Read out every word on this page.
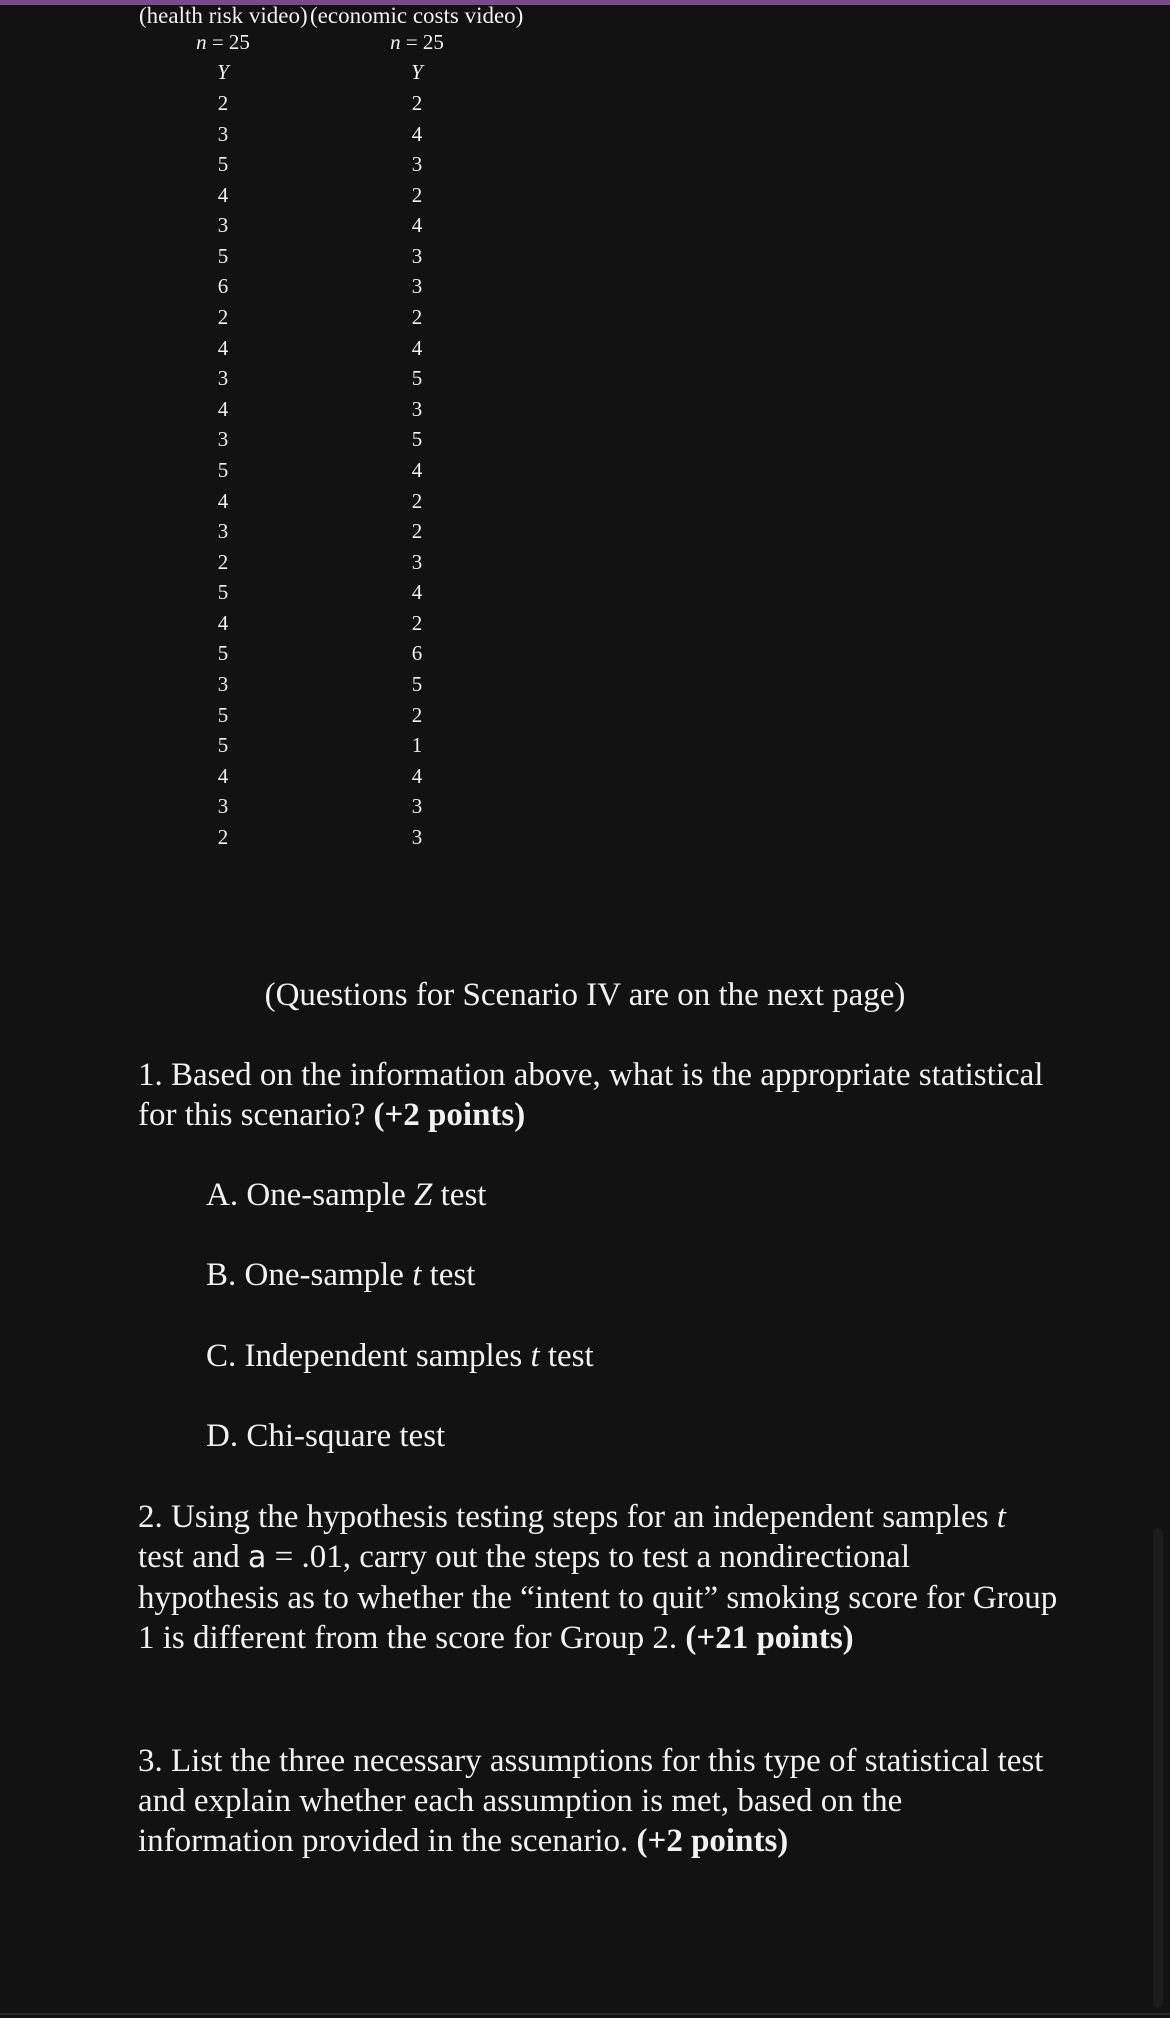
(health risk video) (economic costs video)
n = 25	n = 25
Y	Y
2
3
5
4
3
5
6
2
4
3
4
3
5
4
3
2
5
4
5
3
5
5
4
3
2
2
4
3
2
4
3
3
2
4
5
3
5
4
2
2
3
4
2
6
5
2
1
4
3
3
(Questions for Scenario IV are on the next page)
1. Based on the information above, what is the appropriate statistical for this scenario? (+2 points)
A. One-sample Z test
B. One-sample t test
C. Independent samples t test
D. Chi-square test
2. Using the hypothesis testing steps for an independent samples t test and a = .01, carry out the steps to test a nondirectional hypothesis as to whether the “intent to quit” smoking score for Group 1 is different from the score for Group 2. (+21 points)
3. List the three necessary assumptions for this type of statistical test and explain whether each assumption is met, based on the information provided in the scenario. (+2 points)
